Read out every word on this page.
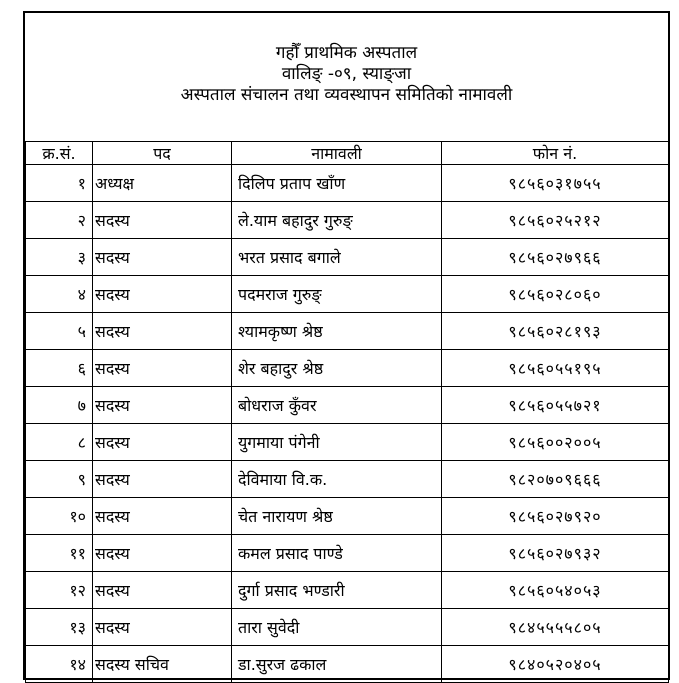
गहौँ प्राथमिक अस्पताल
वालिङ् -०९, स्याङ्जा
अस्पताल संचालन तथा व्यवस्थापन समितिको नामावली
क्र.सं.	पद	नामावली	फोन नं.
१	अध्यक्ष	दिलिप प्रताप खाँण	९८५६०३१७५५
२	सदस्य	ले.याम बहादुर गुरुङ्	९८५६०२५२१२
३	सदस्य	भरत प्रसाद बगाले	९८५६०२७९६६
४	सदस्य	पदमराज गुरुङ्	९८५६०२८०६०
५	सदस्य	श्यामकृष्ण श्रेष्ठ	९८५६०२८१९३
६	सदस्य	शेर बहादुर श्रेष्ठ	९८५६०५५१९५
७	सदस्य	बोधराज कुँवर	९८५६०५५७२१
८	सदस्य	युगमाया पंगेनी	९८५६००२००५
९	सदस्य	देविमाया वि.क.	९८२०७०९६६६
१०	सदस्य	चेत नारायण श्रेष्ठ	९८५६०२७९२०
११	सदस्य	कमल प्रसाद पाण्डे	९८५६०२७९३२
१२	सदस्य	दुर्गा प्रसाद भण्डारी	९८५६०५४०५३
१३	सदस्य	तारा सुवेदी	९८४५५५५८०५
१४	सदस्य सचिव	डा.सुरज ढकाल	९८४०५२०४०५
